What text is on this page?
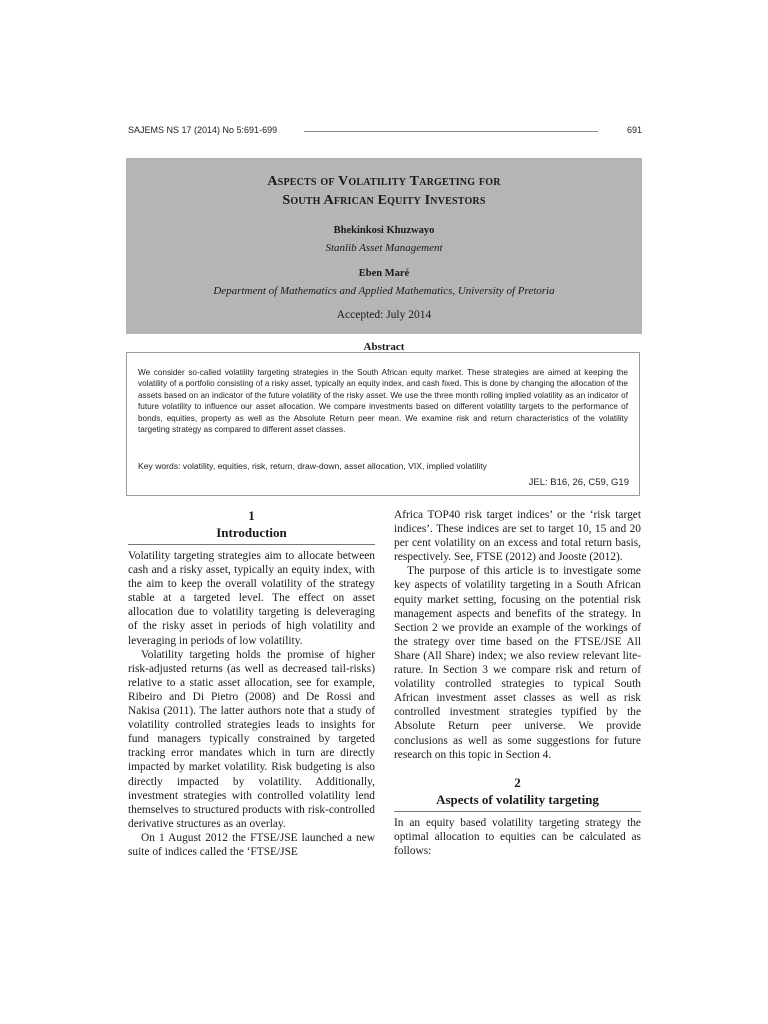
SAJEMS NS 17 (2014) No 5:691-699	691
Aspects of Volatility Targeting for
South African Equity Investors
Bhekinkosi Khuzwayo
Stanlib Asset Management
Eben Maré
Department of Mathematics and Applied Mathematics, University of Pretoria
Accepted: July 2014
Abstract
We consider so-called volatility targeting strategies in the South African equity market. These strategies are aimed at keeping the volatility of a portfolio consisting of a risky asset, typically an equity index, and cash fixed. This is done by changing the allocation of the assets based on an indicator of the future volatility of the risky asset. We use the three month rolling implied volatility as an indicator of future volatility to influence our asset allocation. We compare investments based on different volatility targets to the performance of bonds, equities, property as well as the Absolute Return peer mean. We examine risk and return characteristics of the volatility targeting strategy as compared to different asset classes.
Key words: volatility, equities, risk, return, draw-down, asset allocation, VIX, implied volatility
JEL: B16, 26, C59, G19
1
Introduction

Volatility targeting strategies aim to allocate between cash and a risky asset, typically an equity index, with the aim to keep the overall volatility of the strategy stable at a targeted level. The effect on asset allocation due to volatility targeting is deleveraging of the risky asset in periods of high volatility and leveraging in periods of low volatility.

Volatility targeting holds the promise of higher risk-adjusted returns (as well as decreased tail-risks) relative to a static asset allocation, see for example, Ribeiro and Di Pietro (2008) and De Rossi and Nakisa (2011). The latter authors note that a study of volatility controlled strategies leads to insights for fund managers typically constrained by targeted tracking error mandates which in turn are directly impacted by market volatility. Risk budgeting is also directly impacted by volatility. Additionally, investment strategies with controlled volatility lend themselves to structured products with risk-controlled derivative structures as an overlay.

On 1 August 2012 the FTSE/JSE launched a new suite of indices called the ‘FTSE/JSE

Africa TOP40 risk target indices’ or the ‘risk target indices’. These indices are set to target 10, 15 and 20 per cent volatility on an excess and total return basis, respectively. See, FTSE (2012) and Jooste (2012).

The purpose of this article is to investigate some key aspects of volatility targeting in a South African equity market setting, focusing on the potential risk management aspects and benefits of the strategy. In Section 2 we provide an example of the workings of the strategy over time based on the FTSE/JSE All Share (All Share) index; we also review relevant lite-rature. In Section 3 we compare risk and return of volatility controlled strategies to typical South African investment asset classes as well as risk controlled investment strategies typified by the Absolute Return peer universe. We provide conclusions as well as some suggestions for future research on this topic in Section 4.

2
Aspects of volatility targeting

In an equity based volatility targeting strategy the optimal allocation to equities can be calculated as follows:
